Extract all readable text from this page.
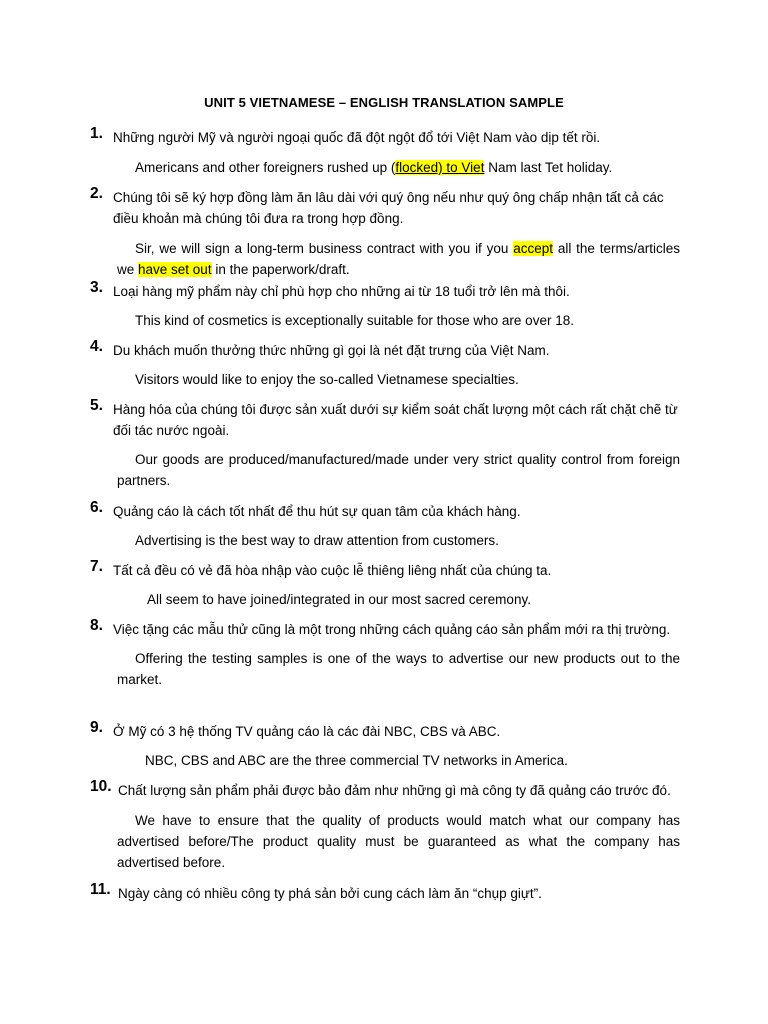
UNIT 5 VIETNAMESE – ENGLISH TRANSLATION SAMPLE
1. Những người Mỹ và người ngoại quốc đã đột ngột đổ tới Việt Nam vào dịp tết rồi.
Americans and other foreigners rushed up (flocked) to Viet Nam last Tet holiday.
2. Chúng tôi sẽ ký hợp đồng làm ăn lâu dài với quý ông nếu như quý ông chấp nhận tất cả các điều khoản mà chúng tôi đưa ra trong hợp đồng.
Sir, we will sign a long-term business contract with you if you accept all the terms/articles we have set out in the paperwork/draft.
3. Loại hàng mỹ phẩm này chỉ phù hợp cho những ai từ 18 tuổi trở lên mà thôi.
This kind of cosmetics is exceptionally suitable for those who are over 18.
4. Du khách muốn thưởng thức những gì gọi là nét đặt trưng của Việt Nam.
Visitors would like to enjoy the so-called Vietnamese specialties.
5. Hàng hóa của chúng tôi được sản xuất dưới sự kiểm soát chất lượng một cách rất chặt chẽ từ đối tác nước ngoài.
Our goods are produced/manufactured/made under very strict quality control from foreign partners.
6. Quảng cáo là cách tốt nhất để thu hút sự quan tâm của khách hàng.
Advertising is the best way to draw attention from customers.
7. Tất cả đều có vẻ đã hòa nhập vào cuộc lễ thiêng liêng nhất của chúng ta.
All seem to have joined/integrated in our most sacred ceremony.
8. Việc tặng các mẫu thử cũng là một trong những cách quảng cáo sản phẩm mới ra thị trường.
Offering the testing samples is one of the ways to advertise our new products out to the market.
9. Ở Mỹ có 3 hệ thống TV quảng cáo là các đài NBC, CBS và ABC.
NBC, CBS and ABC are the three commercial TV networks in America.
10. Chất lượng sản phẩm phải được bảo đảm như những gì mà công ty đã quảng cáo trước đó.
We have to ensure that the quality of products would match what our company has advertised before/The product quality must be guaranteed as what the company has advertised before.
11. Ngày càng có nhiều công ty phá sản bởi cung cách làm ăn “chụp giựt”.
